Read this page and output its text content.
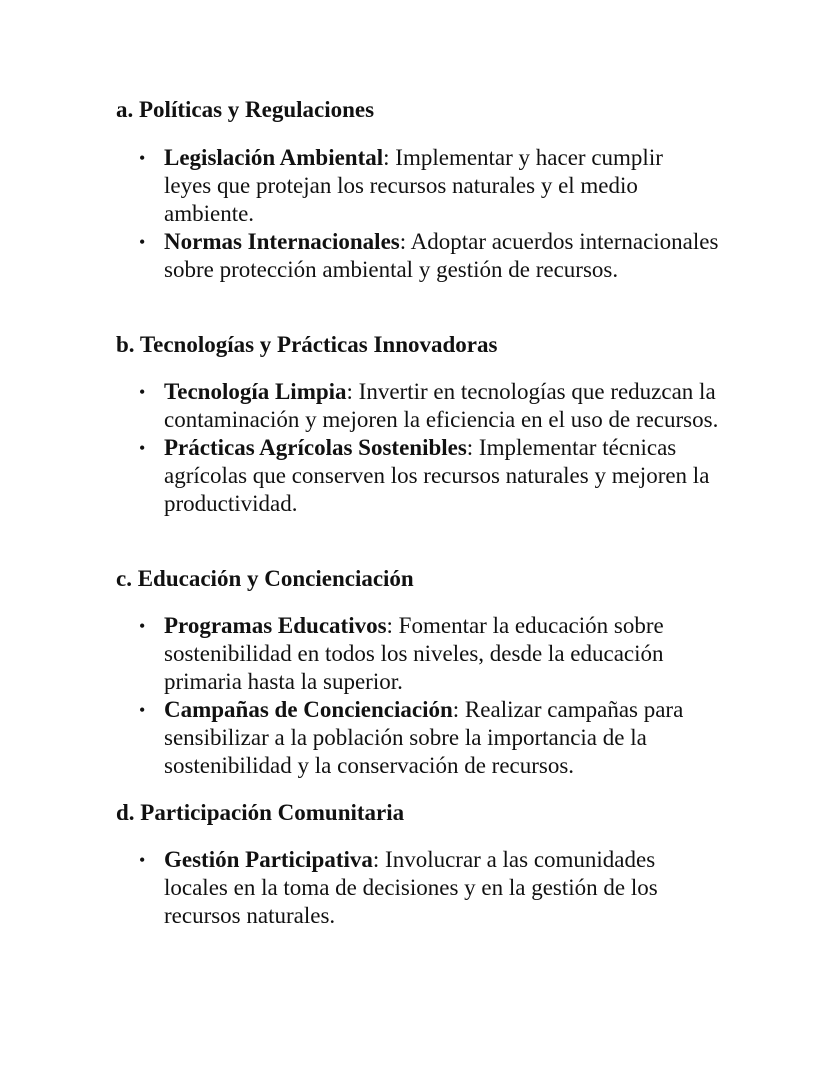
a. Políticas y Regulaciones
• Legislación Ambiental: Implementar y hacer cumplir leyes que protejan los recursos naturales y el medio ambiente.
• Normas Internacionales: Adoptar acuerdos internacionales sobre protección ambiental y gestión de recursos.
b. Tecnologías y Prácticas Innovadoras
• Tecnología Limpia: Invertir en tecnologías que reduzcan la contaminación y mejoren la eficiencia en el uso de recursos.
• Prácticas Agrícolas Sostenibles: Implementar técnicas agrícolas que conserven los recursos naturales y mejoren la productividad.
c. Educación y Concienciación
• Programas Educativos: Fomentar la educación sobre sostenibilidad en todos los niveles, desde la educación primaria hasta la superior.
• Campañas de Concienciación: Realizar campañas para sensibilizar a la población sobre la importancia de la sostenibilidad y la conservación de recursos.
d. Participación Comunitaria
• Gestión Participativa: Involucrar a las comunidades locales en la toma de decisiones y en la gestión de los recursos naturales.
